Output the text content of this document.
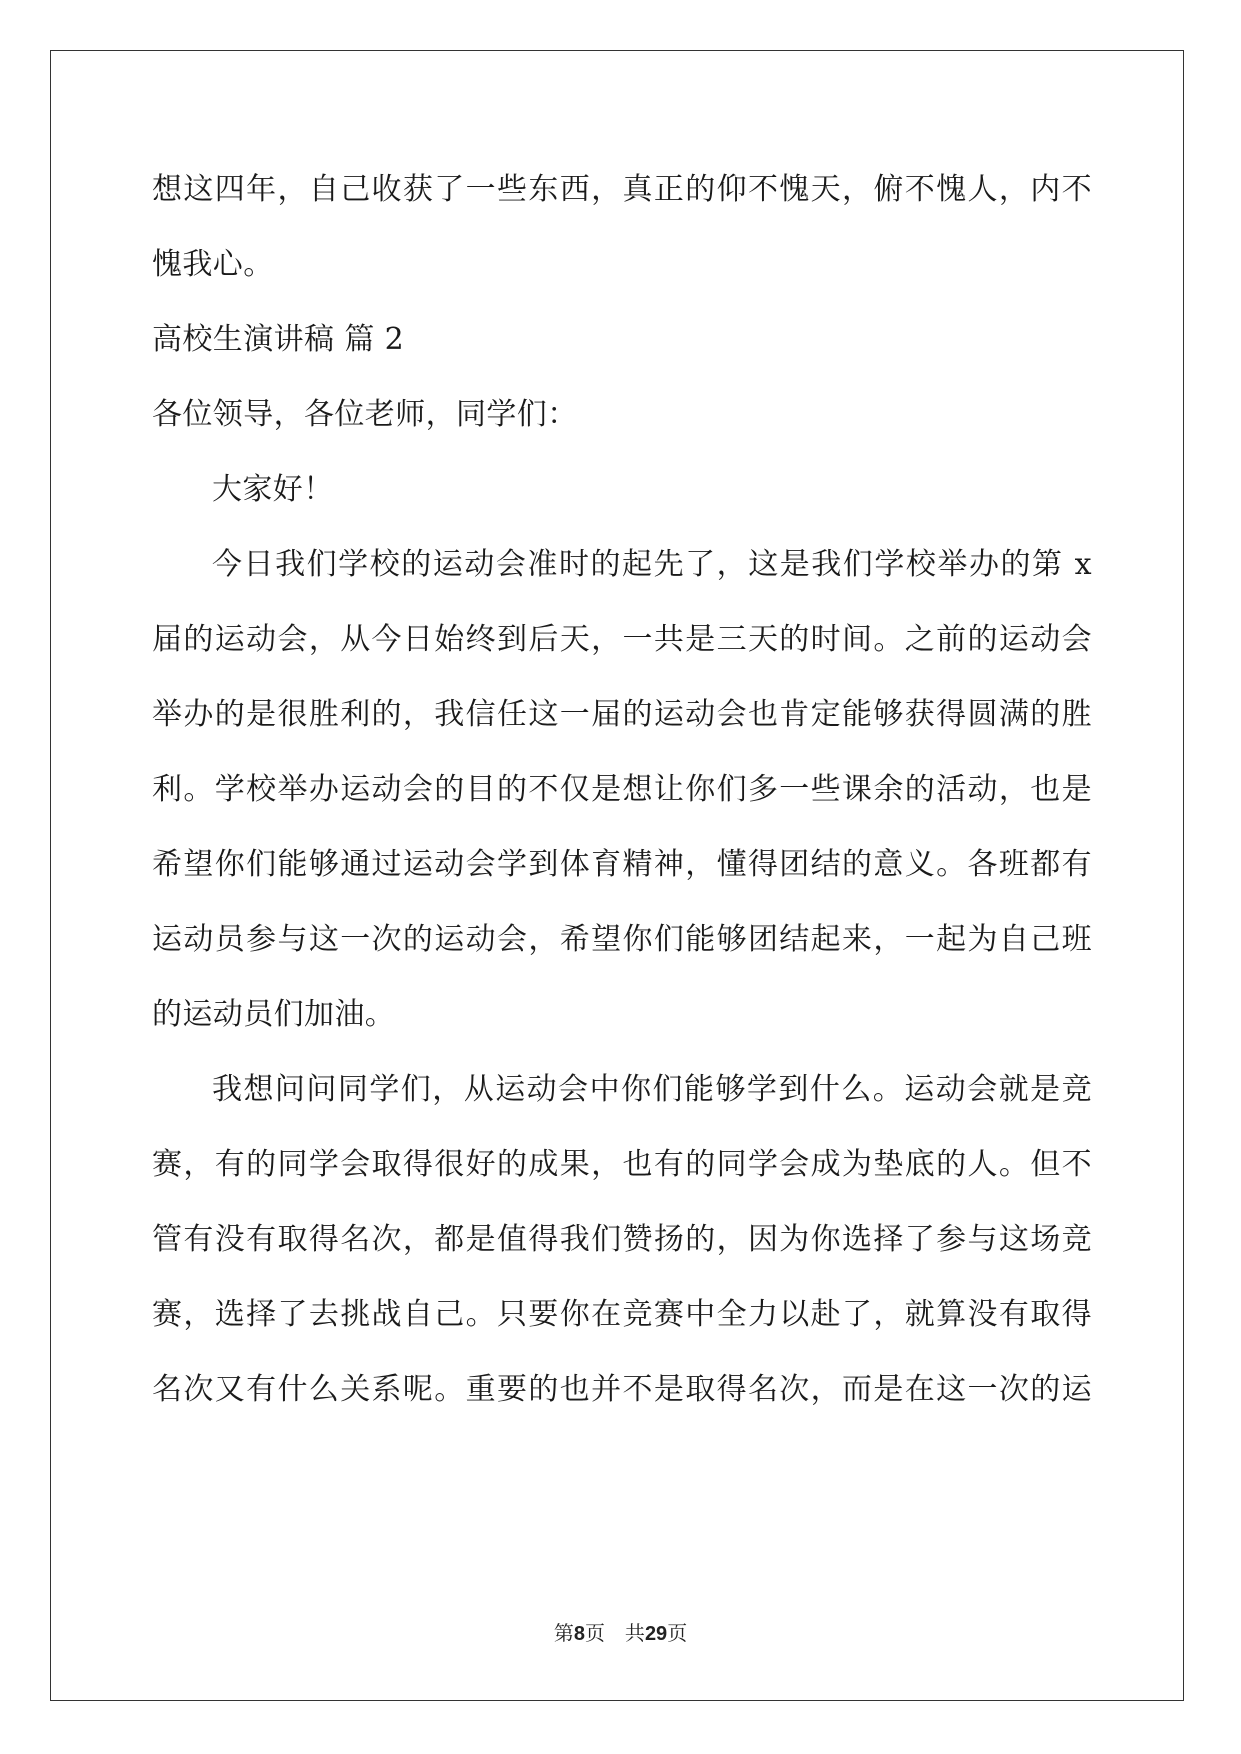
想这四年，自己收获了一些东西，真正的仰不愧天，俯不愧人，内不
愧我心。
高校生演讲稿 篇 2
各位领导，各位老师，同学们：
大家好！
今日我们学校的运动会准时的起先了，这是我们学校举办的第 x
届的运动会，从今日始终到后天，一共是三天的时间。之前的运动会
举办的是很胜利的，我信任这一届的运动会也肯定能够获得圆满的胜
利。学校举办运动会的目的不仅是想让你们多一些课余的活动，也是
希望你们能够通过运动会学到体育精神，懂得团结的意义。各班都有
运动员参与这一次的运动会，希望你们能够团结起来，一起为自己班
的运动员们加油。
我想问问同学们，从运动会中你们能够学到什么。运动会就是竞
赛，有的同学会取得很好的成果，也有的同学会成为垫底的人。但不
管有没有取得名次，都是值得我们赞扬的，因为你选择了参与这场竞
赛，选择了去挑战自己。只要你在竞赛中全力以赴了，就算没有取得
名次又有什么关系呢。重要的也并不是取得名次，而是在这一次的运
第8页　共29页
